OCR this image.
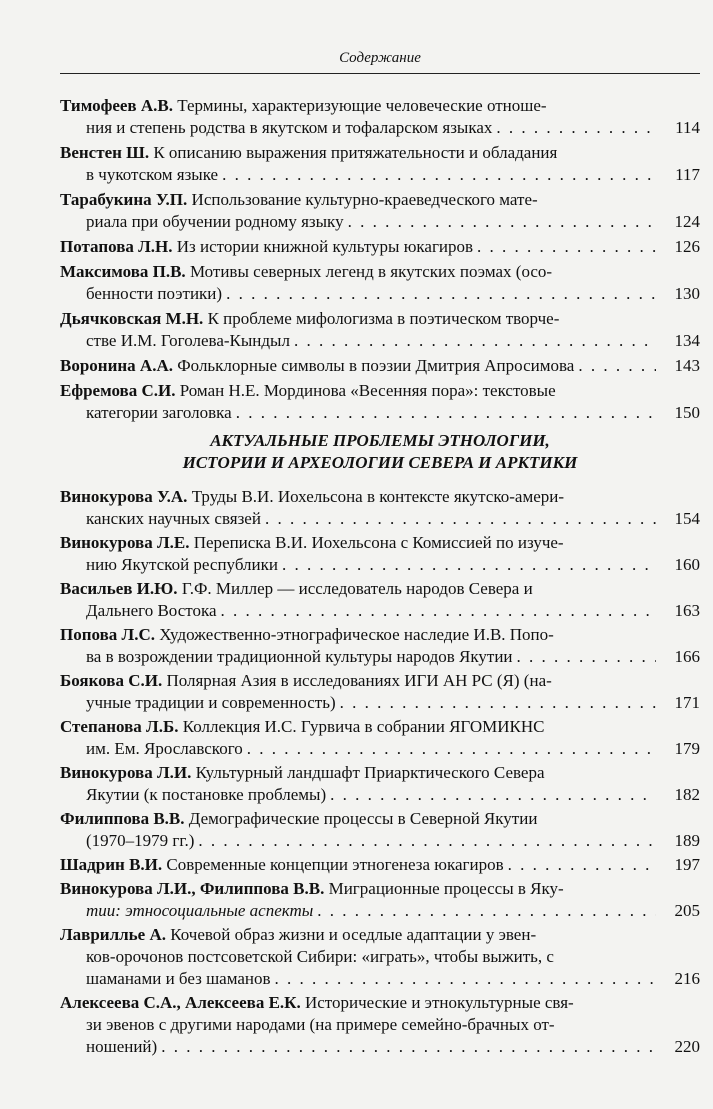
Содержание
Тимофеев А.В. Термины, характеризующие человеческие отноше-
ния и степень родства в якутском и тофаларском языках . . .	114
Венстен Ш. К описанию выражения притяжательности и обладания
в чукотском языке . . .	117
Тарабукина У.П. Использование культурно-краеведческого мате-
риала при обучении родному языку . . .	124
Потапова Л.Н. Из истории книжной культуры юкагиров . . .	126
Максимова П.В. Мотивы северных легенд в якутских поэмах (осо-
бенности поэтики) . . .	130
Дьячковская М.Н. К проблеме мифологизма в поэтическом творче-
стве И.М. Гоголева-Кындыл . . .	134
Воронина А.А. Фольклорные символы в поэзии Дмитрия Апросимова . . .	143
Ефремова С.И. Роман Н.Е. Мординова «Весенняя пора»: текстовые
категории заголовка . . .	150
АКТУАЛЬНЫЕ ПРОБЛЕМЫ ЭТНОЛОГИИ,
ИСТОРИИ И АРХЕОЛОГИИ СЕВЕРА И АРКТИКИ
Винокурова У.А. Труды В.И. Иохельсона в контексте якутско-амери-
канских научных связей . . .	154
Винокурова Л.Е. Переписка В.И. Иохельсона с Комиссией по изуче-
нию Якутской республики . . .	160
Васильев И.Ю. Г.Ф. Миллер — исследователь народов Севера и
Дальнего Востока . . .	163
Попова Л.С. Художественно-этнографическое наследие И.В. Попо-
ва в возрождении традиционной культуры народов Якутии . . .	166
Боякова С.И. Полярная Азия в исследованиях ИГИ АН РС (Я) (на-
учные традиции и современность) . . .	171
Степанова Л.Б. Коллекция И.С. Гурвича в собрании ЯГОМИКНС
им. Ем. Ярославского . . .	179
Винокурова Л.И. Культурный ландшафт Приарктического Севера
Якутии (к постановке проблемы) . . .	182
Филиппова В.В. Демографические процессы в Северной Якутии
(1970–1979 гг.) . . .	189
Шадрин В.И. Современные концепции этногенеза юкагиров . . .	197
Винокурова Л.И., Филиппова В.В. Миграционные процессы в Яку-
тии: этносоциальные аспекты . . .	205
Лаврилльe А. Кочевой образ жизни и оседлые адаптации у эвен-
ков-орочонов постсоветской Сибири: «играть», чтобы выжить, с
шаманами и без шаманов . . .	216
Алексеева С.А., Алексеева Е.К. Исторические и этнокультурные свя-
зи эвенов с другими народами (на примере семейно-брачных от-
ношений) . . .	220
